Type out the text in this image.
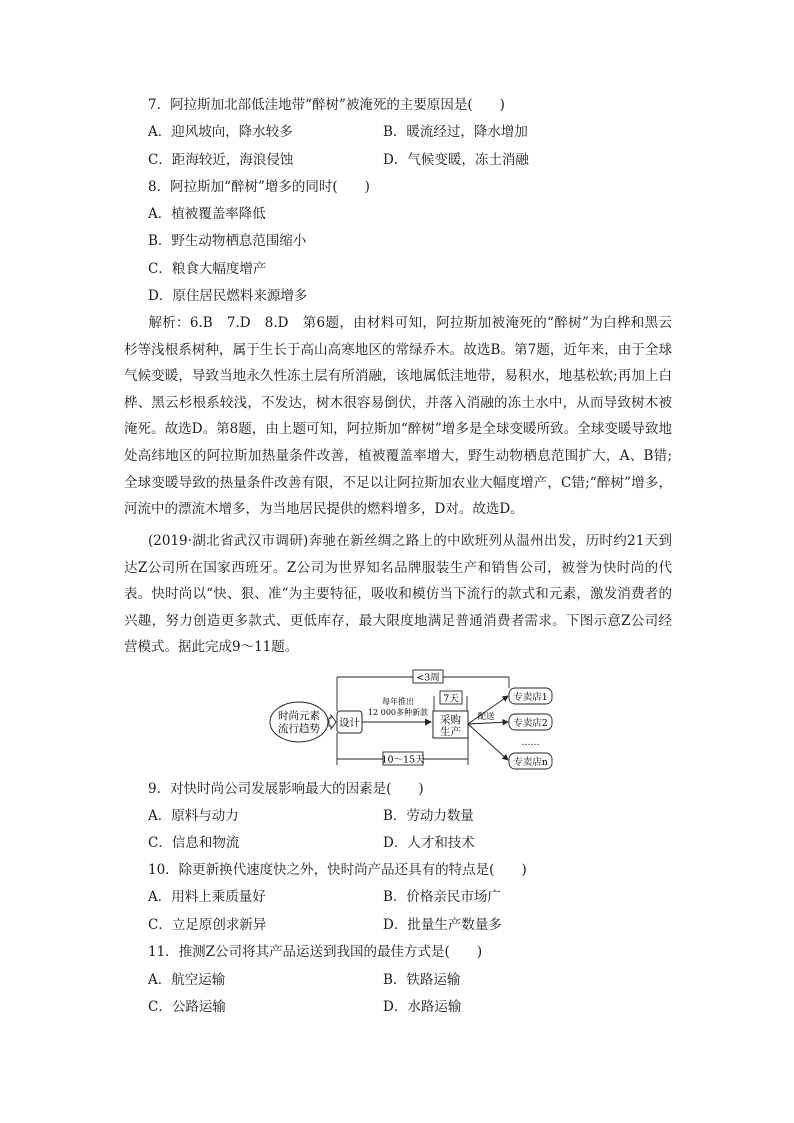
7．阿拉斯加北部低洼地带“醉树”被淹死的主要原因是(　　)
A．迎风坡向，降水较多	B．暖流经过，降水增加
C．距海较近，海浪侵蚀	D．气候变暖，冻土消融
8．阿拉斯加“醉树”增多的同时(　　)
A．植被覆盖率降低
B．野生动物栖息范围缩小
C．粮食大幅度增产
D．原住居民燃料来源增多
解析：6.B　7.D　8.D　第6题，由材料可知，阿拉斯加被淹死的“醉树”为白桦和黑云杉等浅根系树种，属于生长于高山高寒地区的常绿乔木。故选B。第7题，近年来，由于全球气候变暖，导致当地永久性冻土层有所消融，该地属低洼地带，易积水，地基松软;再加上白桦、黑云杉根系较浅，不发达，树木很容易倒伏，并落入消融的冻土水中，从而导致树木被淹死。故选D。第8题，由上题可知，阿拉斯加“醉树”增多是全球变暖所致。全球变暖导致地处高纬地区的阿拉斯加热量条件改善，植被覆盖率增大，野生动物栖息范围扩大，A、B错;全球变暖导致的热量条件改善有限，不足以让阿拉斯加农业大幅度增产，C错;“醉树”增多，河流中的漂流木增多，为当地居民提供的燃料增多，D对。故选D。
(2019·湖北省武汉市调研)奔驰在新丝绸之路上的中欧班列从温州出发，历时约21天到达Z公司所在国家西班牙。Z公司为世界知名品牌服装生产和销售公司，被誉为快时尚的代表。快时尚以“快、狠、准”为主要特征，吸收和模仿当下流行的款式和元素，激发消费者的兴趣，努力创造更多款式、更低库存，最大限度地满足普通消费者需求。下图示意Z公司经营模式。据此完成9～11题。
时尚元素
流行趋势 设计
每年推出
12 000多种新款
7天
采购
生产
配送
专卖店1
专卖店2
……
专卖店n
<3周
10～15天
9．对快时尚公司发展影响最大的因素是(　　)
A．原料与动力	B．劳动力数量
C．信息和物流	D．人才和技术
10．除更新换代速度快之外，快时尚产品还具有的特点是(　　)
A．用料上乘质量好	B．价格亲民市场广
C．立足原创求新异	D．批量生产数量多
11．推测Z公司将其产品运送到我国的最佳方式是(　　)
A．航空运输	B．铁路运输
C．公路运输	D．水路运输
